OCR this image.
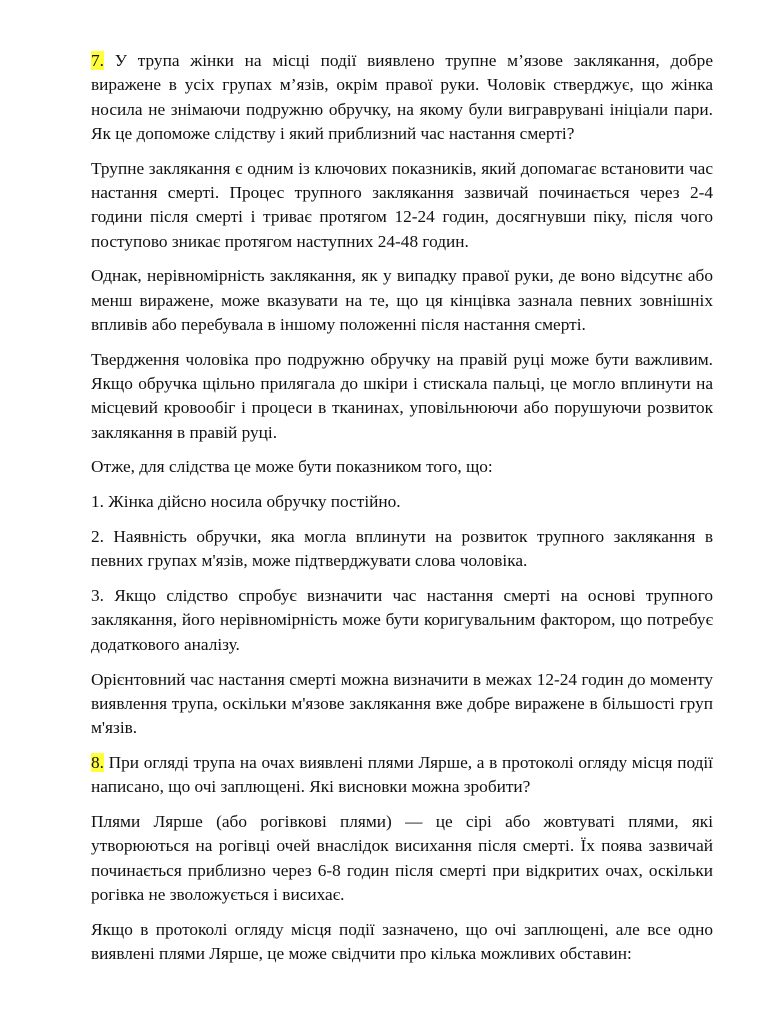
7. У трупа жінки на місці події виявлено трупне м’язове заклякання, добре виражене в усіх групах м’язів, окрім правої руки. Чоловік стверджує, що жінка носила не знімаючи подружню обручку, на якому були виграврувані ініціали пари. Як це допоможе слідству і який приблизний час настання смерті?

Трупне заклякання є одним із ключових показників, який допомагає встановити час настання смерті. Процес трупного заклякання зазвичай починається через 2-4 години після смерті і триває протягом 12-24 годин, досягнувши піку, після чого поступово зникає протягом наступних 24-48 годин.

Однак, нерівномірність заклякання, як у випадку правої руки, де воно відсутнє або менш виражене, може вказувати на те, що ця кінцівка зазнала певних зовнішніх впливів або перебувала в іншому положенні після настання смерті.

Твердження чоловіка про подружню обручку на правій руці може бути важливим. Якщо обручка щільно прилягала до шкіри і стискала пальці, це могло вплинути на місцевий кровообіг і процеси в тканинах, уповільнюючи або порушуючи розвиток заклякання в правій руці.

Отже, для слідства це може бути показником того, що:

1. Жінка дійсно носила обручку постійно.

2. Наявність обручки, яка могла вплинути на розвиток трупного заклякання в певних групах м'язів, може підтверджувати слова чоловіка.

3. Якщо слідство спробує визначити час настання смерті на основі трупного заклякання, його нерівномірність може бути коригувальним фактором, що потребує додаткового аналізу.

Орієнтовний час настання смерті можна визначити в межах 12-24 годин до моменту виявлення трупа, оскільки м'язове заклякання вже добре виражене в більшості груп м'язів.

8. При огляді трупа на очах виявлені плями Лярше, а в протоколі огляду місця події написано, що очі заплющені. Які висновки можна зробити?

Плями Лярше (або рогівкові плями) — це сірі або жовтуваті плями, які утворюються на рогівці очей внаслідок висихання після смерті. Їх поява зазвичай починається приблизно через 6-8 годин після смерті при відкритих очах, оскільки рогівка не зволожується і висихає.

Якщо в протоколі огляду місця події зазначено, що очі заплющені, але все одно виявлені плями Лярше, це може свідчити про кілька можливих обставин:
